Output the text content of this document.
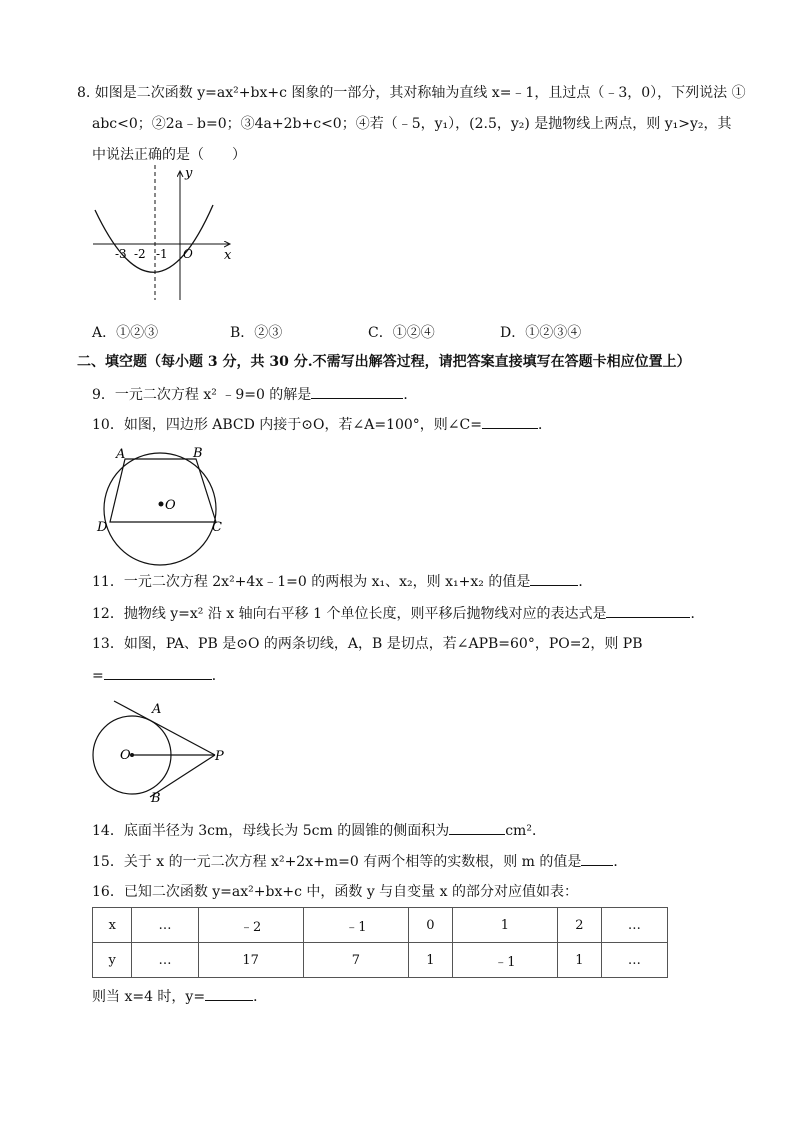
8. 如图是二次函数 y=ax²+bx+c 图象的一部分，其对称轴为直线 x=﹣1，且过点（﹣3，0），下列说法 ①
abc<0；②2a﹣b=0；③4a+2b+c<0；④若（﹣5，y₁），(2.5，y₂) 是抛物线上两点，则 y₁>y₂，其
中说法正确的是（　　）
y
x
-3 -2 -1 O
A．①②③	B．②③	C．①②④	D．①②③④
二、填空题（每小题 3 分，共 30 分.不需写出解答过程，请把答案直接填写在答题卡相应位置上）
9．一元二次方程 x² ﹣9=0 的解是	．
10．如图，四边形 ABCD 内接于⊙O，若∠A=100°，则∠C=	．
A	B
C
D
O
11．一元二次方程 2x²+4x﹣1=0 的两根为 x₁、x₂，则 x₁+x₂ 的值是	．
12．抛物线 y=x² 沿 x 轴向右平移 1 个单位长度，则平移后抛物线对应的表达式是	．
13．如图，PA、PB 是⊙O 的两条切线，A，B 是切点，若∠APB=60°，PO=2，则 PB
=	．
A
B
O	P
14．底面半径为 3cm，母线长为 5cm 的圆锥的侧面积为	cm²．
15．关于 x 的一元二次方程 x²+2x+m=0 有两个相等的实数根，则 m 的值是 ．
16．已知二次函数 y=ax²+bx+c 中，函数 y 与自变量 x 的部分对应值如表：
x	…	﹣2	﹣1	0	1	2	…
y	…	17	7	1	﹣1	1	…
则当 x=4 时，y=	．
